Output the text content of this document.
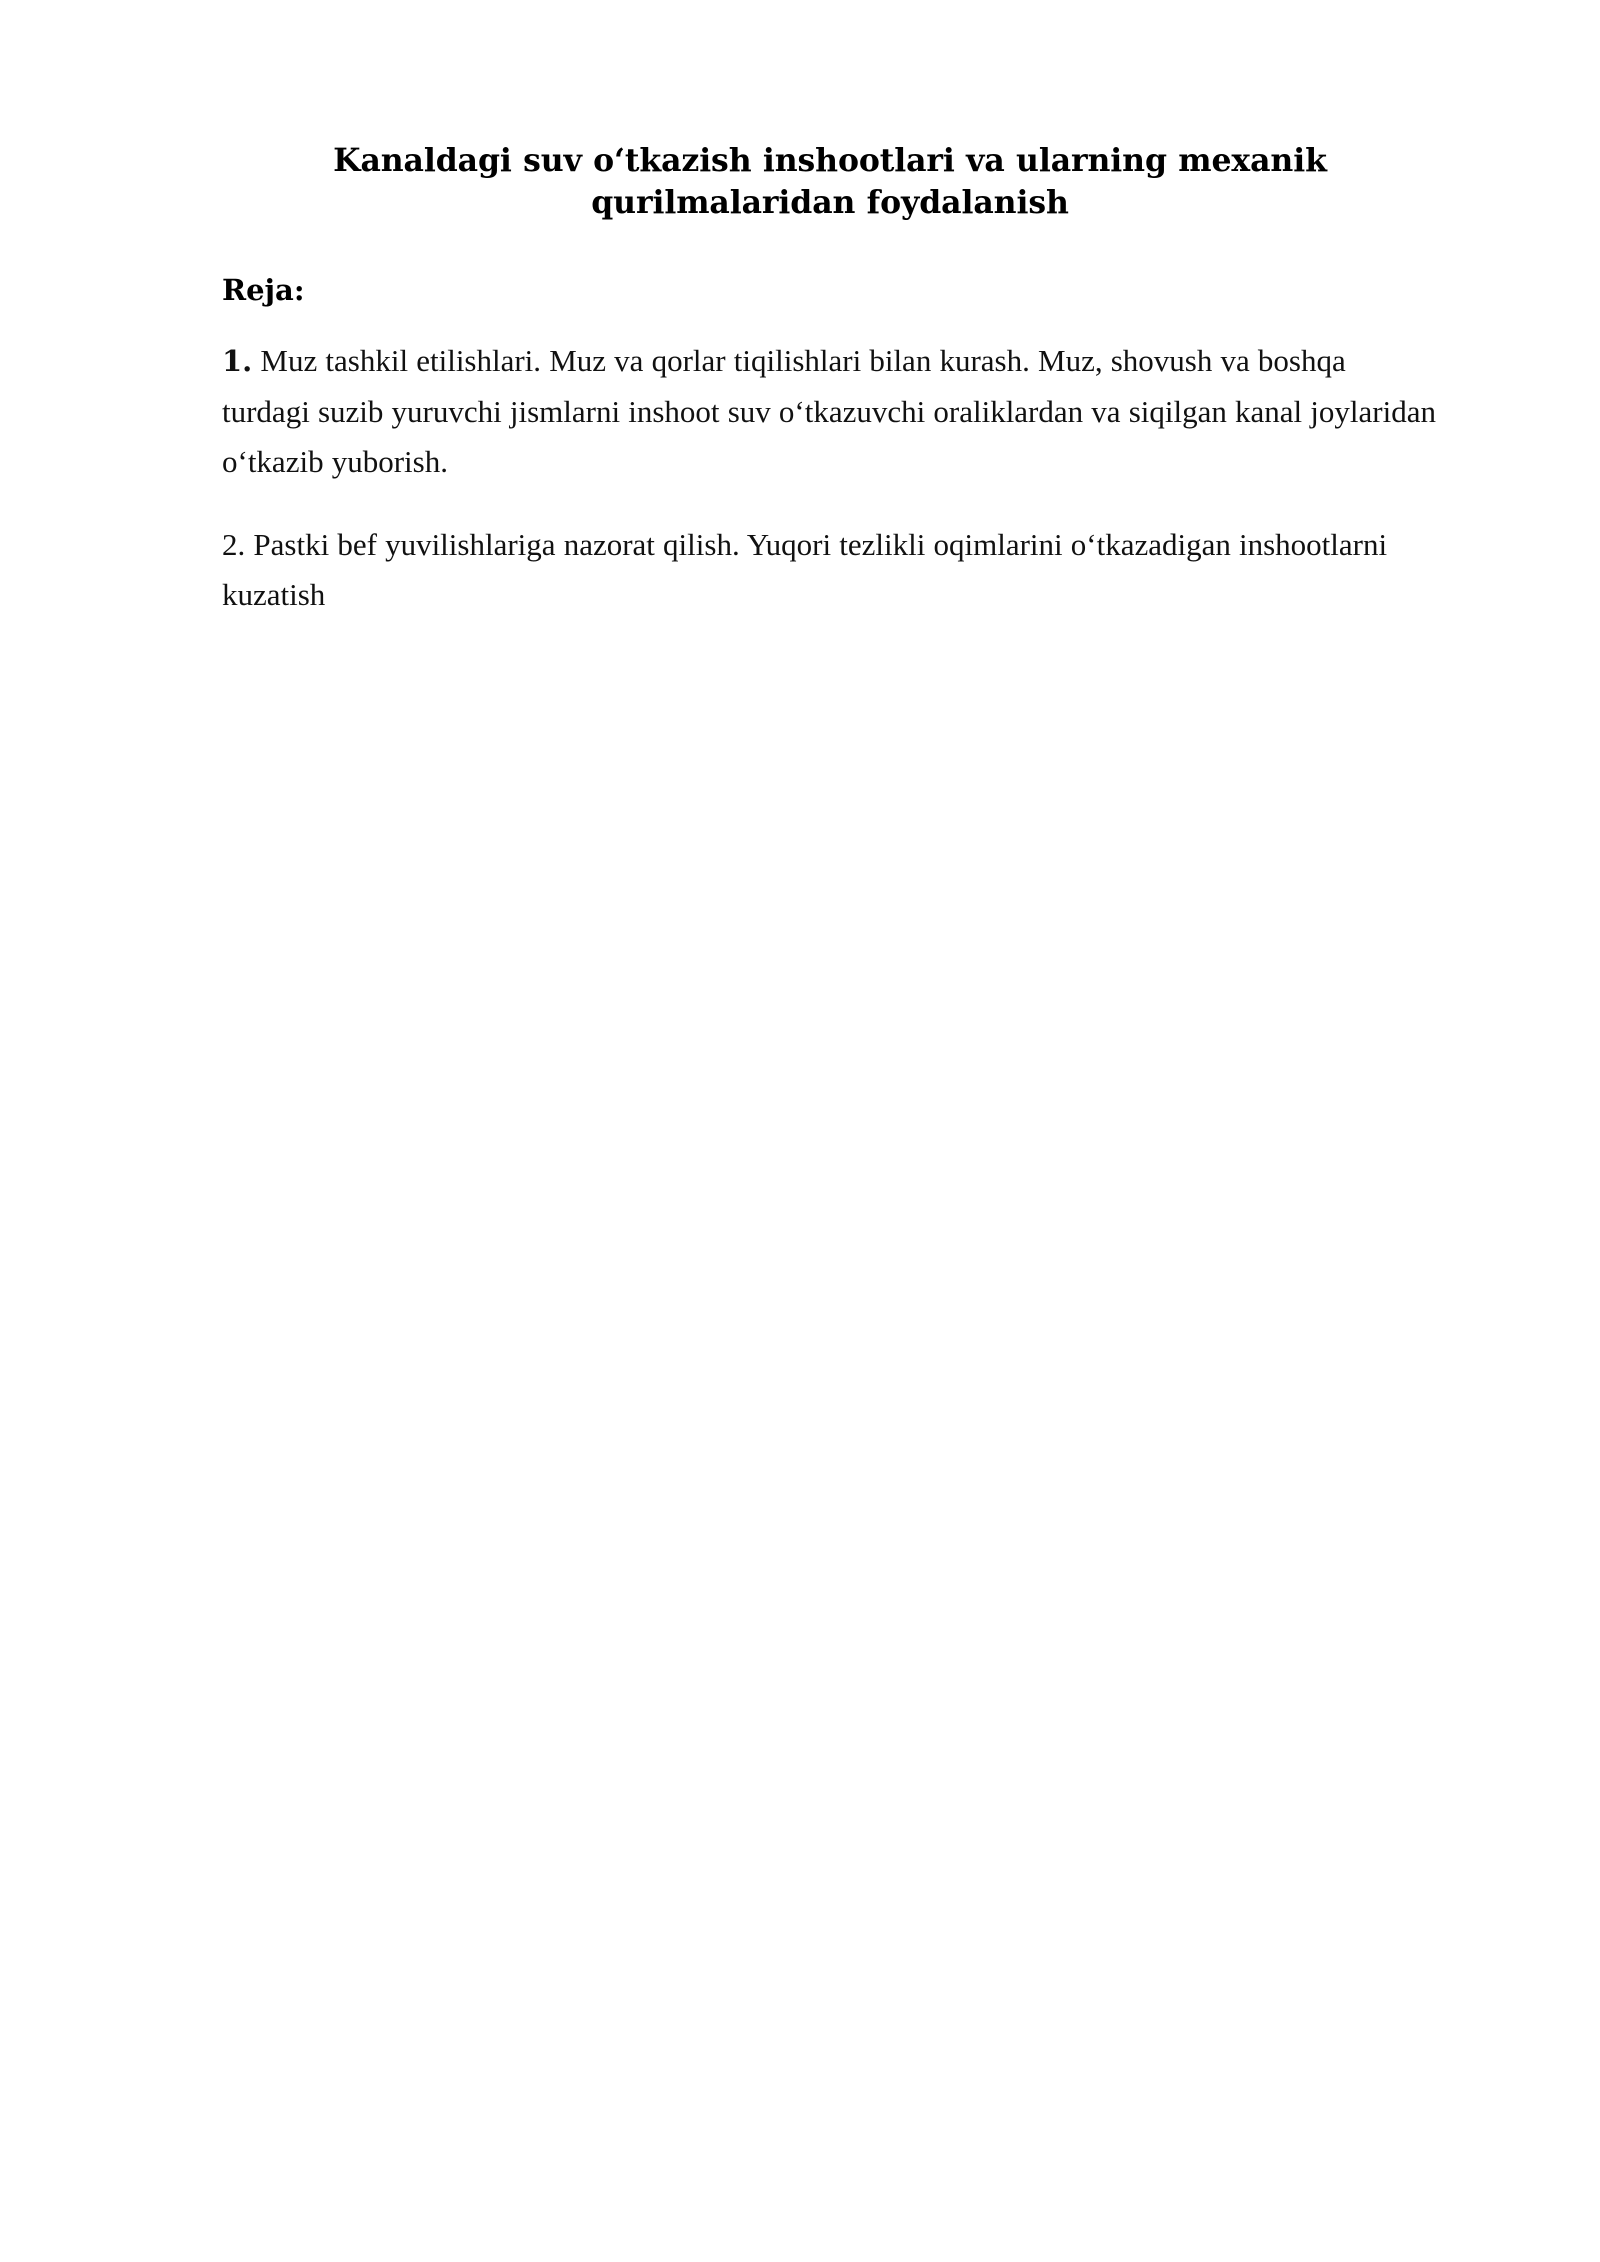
Kanaldagi suv o‘tkazish inshootlari va ularning mexanik qurilmalaridan foydalanish

Reja:

1. Muz tashkil etilishlari. Muz va qorlar tiqilishlari bilan kurash. Muz, shovush va boshqa turdagi suzib yuruvchi jismlarni inshoot suv o‘tkazuvchi oraliklardan va siqilgan kanal joylaridan o‘tkazib yuborish.

2. Pastki bef yuvilishlariga nazorat qilish. Yuqori tezlikli oqimlarini o‘tkazadigan inshootlarni kuzatish
